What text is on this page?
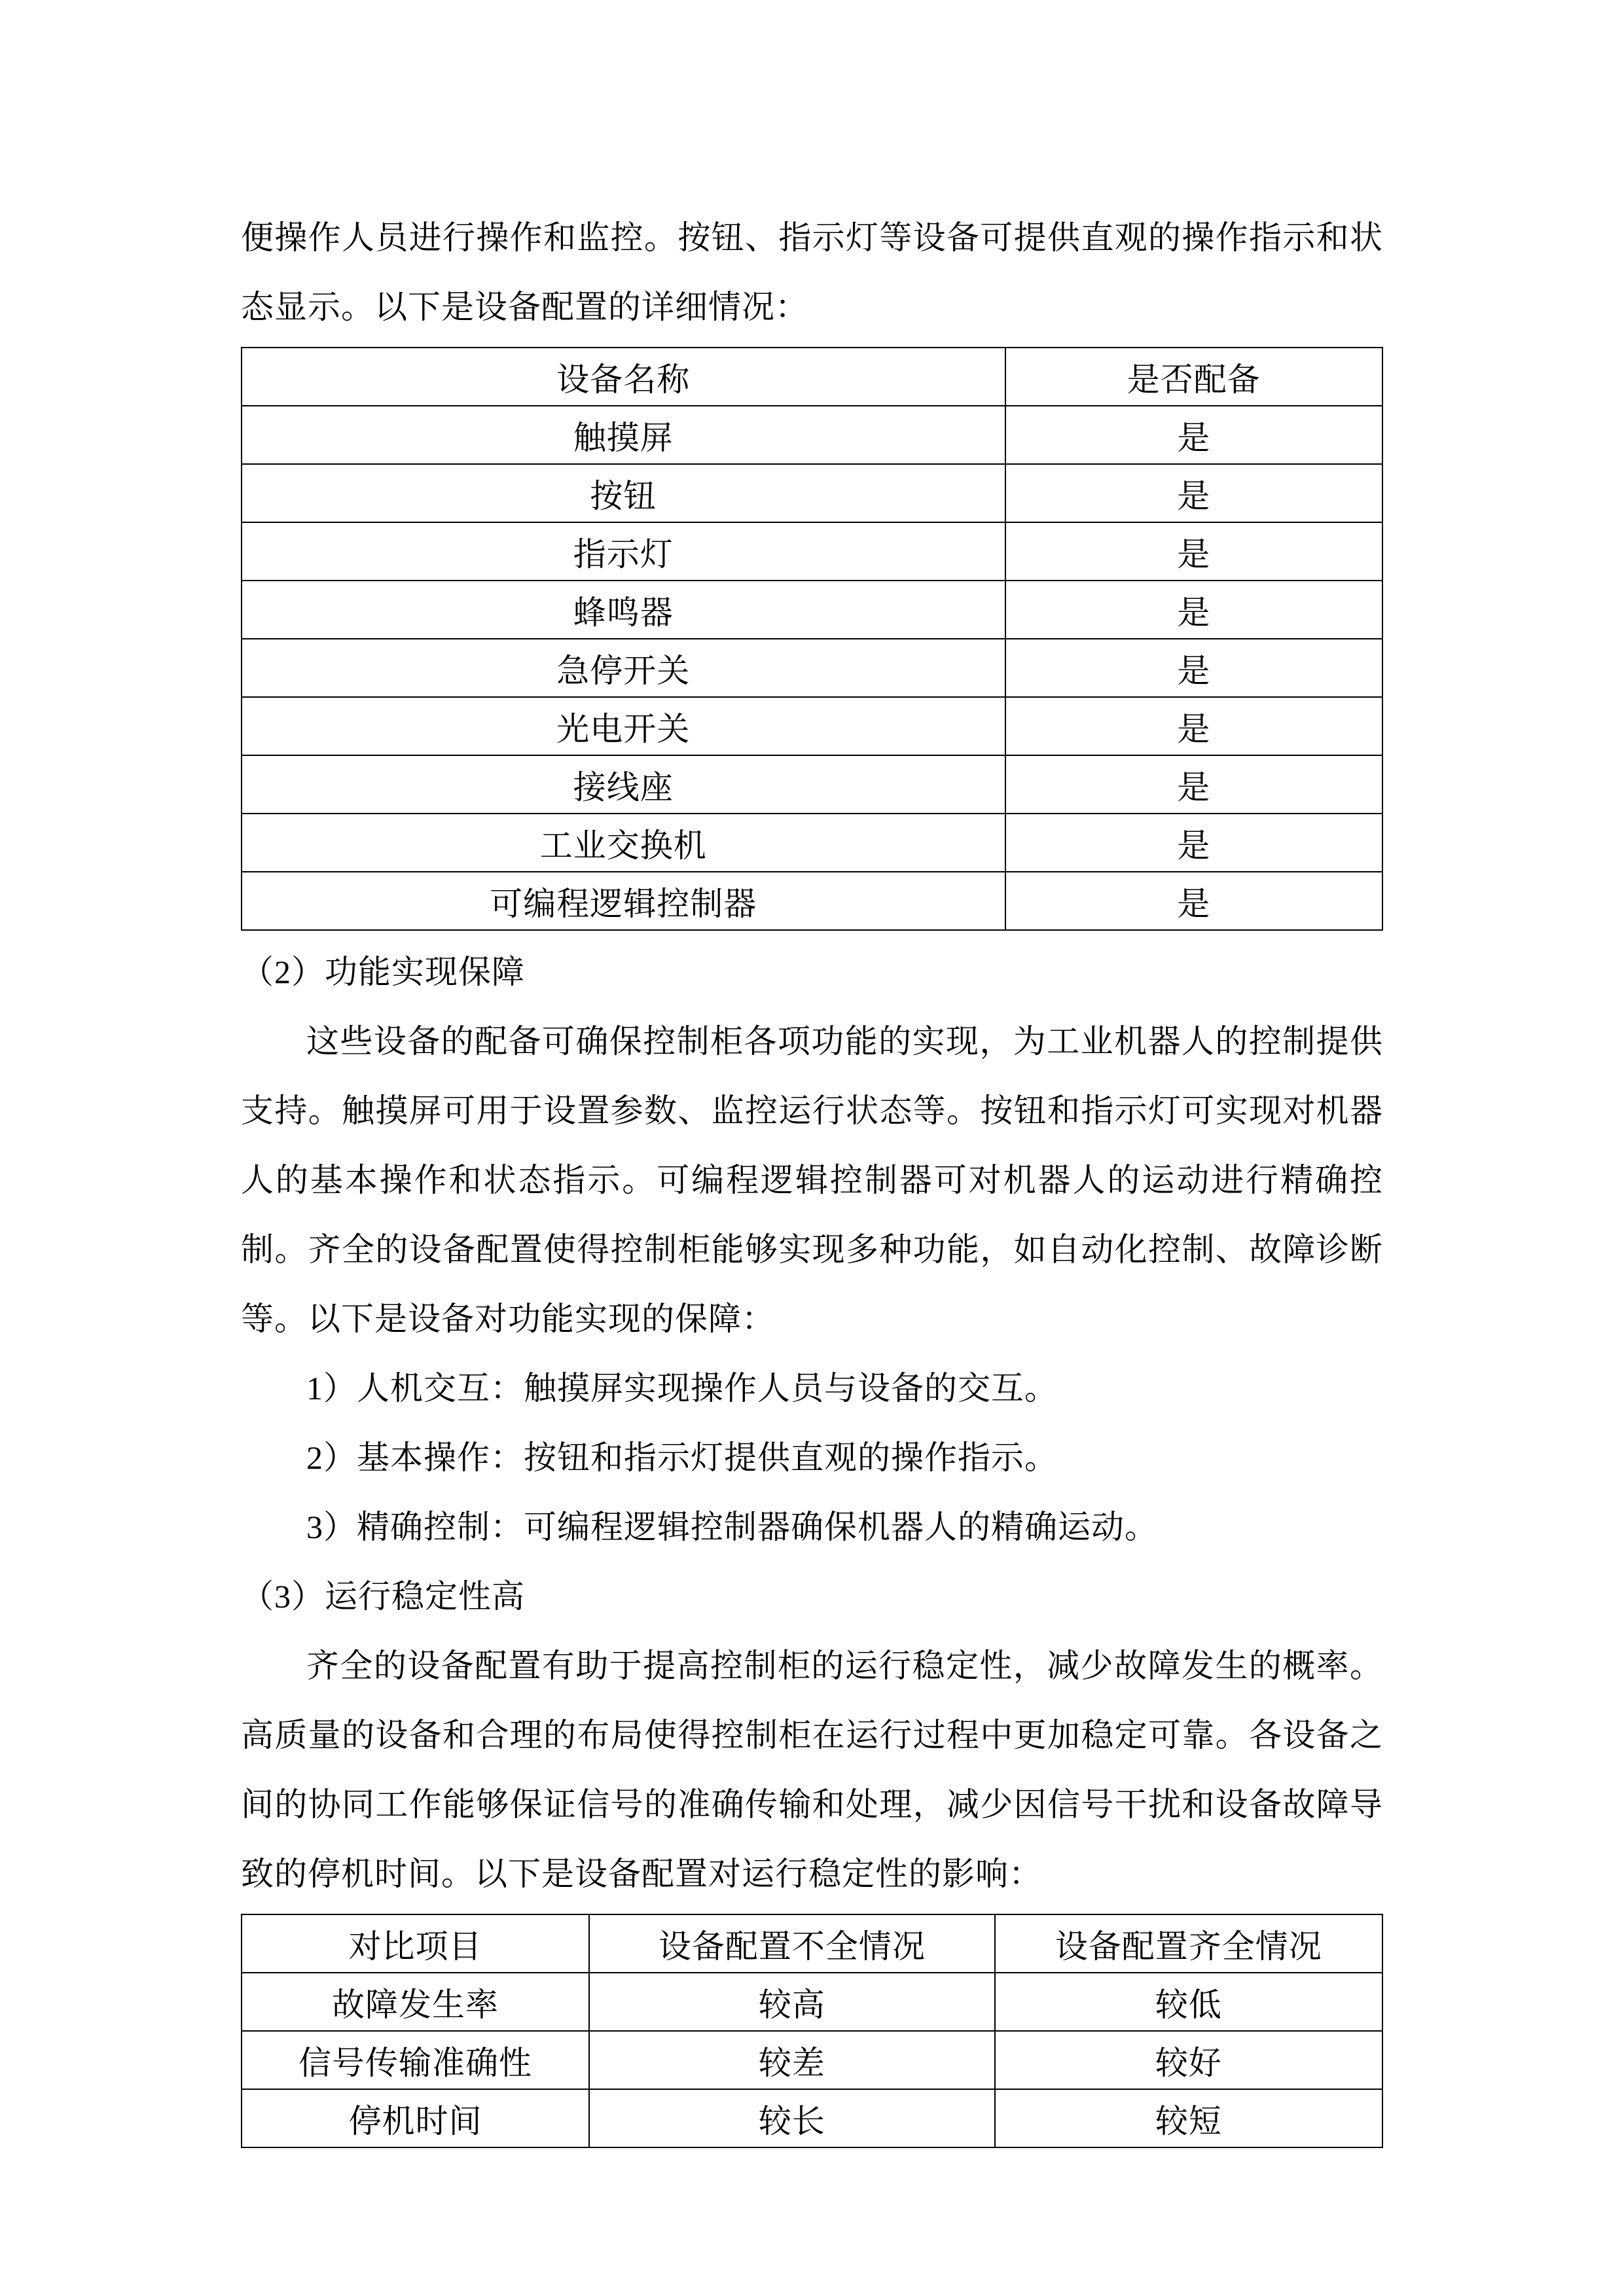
便操作人员进行操作和监控。按钮、指示灯等设备可提供直观的操作指示和状态显示。以下是设备配置的详细情况：

设备名称	是否配备
触摸屏	是
按钮	是
指示灯	是
蜂鸣器	是
急停开关	是
光电开关	是
接线座	是
工业交换机	是
可编程逻辑控制器	是

（2）功能实现保障

这些设备的配备可确保控制柜各项功能的实现，为工业机器人的控制提供支持。触摸屏可用于设置参数、监控运行状态等。按钮和指示灯可实现对机器人的基本操作和状态指示。可编程逻辑控制器可对机器人的运动进行精确控制。齐全的设备配置使得控制柜能够实现多种功能，如自动化控制、故障诊断等。以下是设备对功能实现的保障：

1）人机交互：触摸屏实现操作人员与设备的交互。

2）基本操作：按钮和指示灯提供直观的操作指示。

3）精确控制：可编程逻辑控制器确保机器人的精确运动。

（3）运行稳定性高

齐全的设备配置有助于提高控制柜的运行稳定性，减少故障发生的概率。高质量的设备和合理的布局使得控制柜在运行过程中更加稳定可靠。各设备之间的协同工作能够保证信号的准确传输和处理，减少因信号干扰和设备故障导致的停机时间。以下是设备配置对运行稳定性的影响：

对比项目	设备配置不全情况	设备配置齐全情况
故障发生率	较高	较低
信号传输准确性	较差	较好
停机时间	较长	较短
